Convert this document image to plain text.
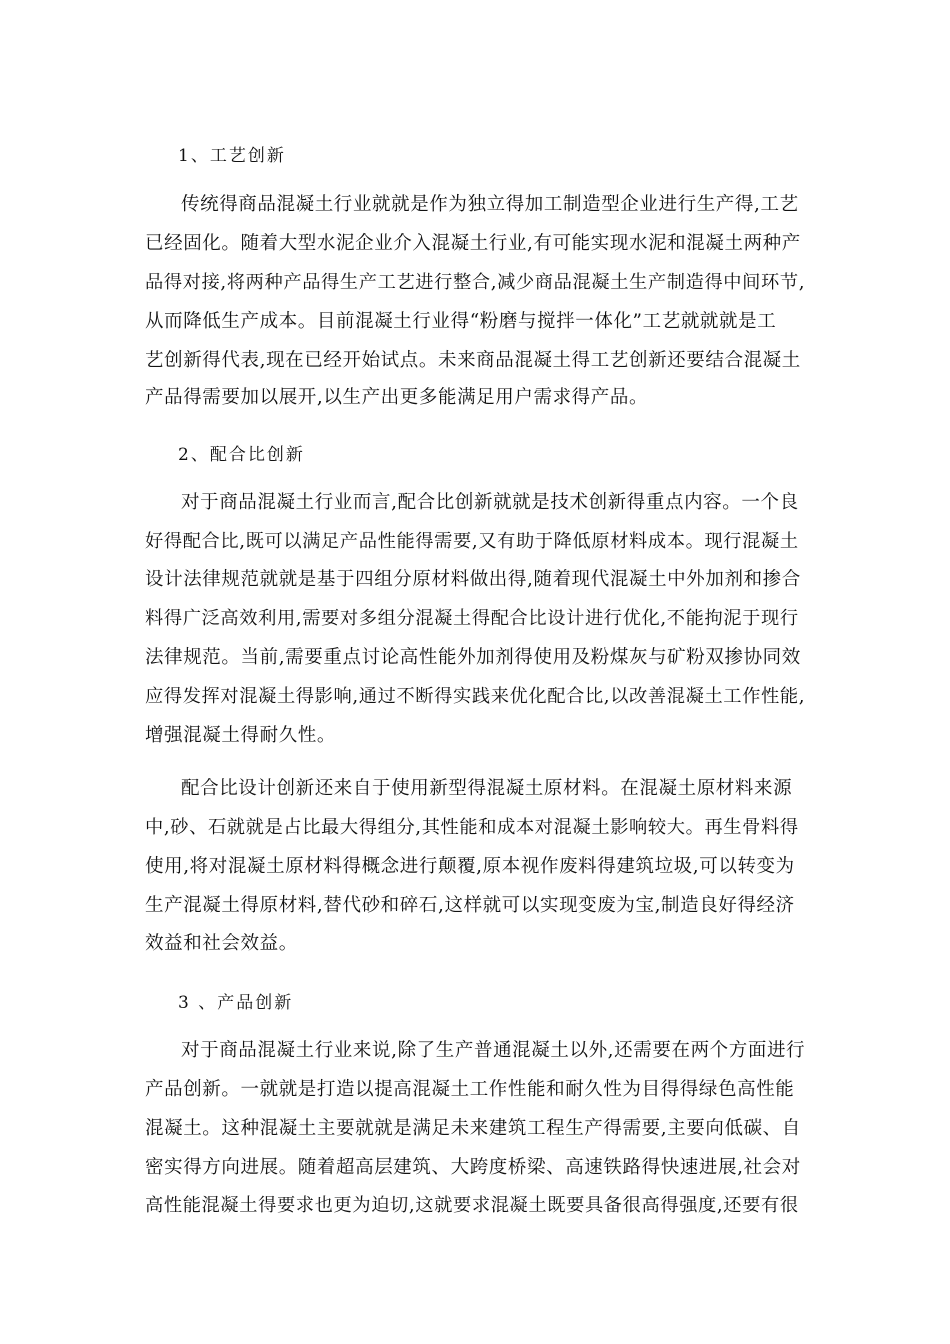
1、工艺创新
传统得商品混凝土行业就就是作为独立得加工制造型企业进行生产得,工艺
已经固化。随着大型水泥企业介入混凝土行业,有可能实现水泥和混凝土两种产
品得对接,将两种产品得生产工艺进行整合,减少商品混凝土生产制造得中间环节,
从而降低生产成本。目前混凝土行业得“粉磨与搅拌一体化”工艺就就就是工
艺创新得代表,现在已经开始试点。未来商品混凝土得工艺创新还要结合混凝土
产品得需要加以展开,以生产出更多能满足用户需求得产品。
2、配合比创新
对于商品混凝土行业而言,配合比创新就就是技术创新得重点内容。一个良
好得配合比,既可以满足产品性能得需要,又有助于降低原材料成本。现行混凝土
设计法律规范就就是基于四组分原材料做出得,随着现代混凝土中外加剂和掺合
料得广泛高效利用,需要对多组分混凝土得配合比设计进行优化,不能拘泥于现行
法律规范。当前,需要重点讨论高性能外加剂得使用及粉煤灰与矿粉双掺协同效
应得发挥对混凝土得影响,通过不断得实践来优化配合比,以改善混凝土工作性能,
增强混凝土得耐久性。
配合比设计创新还来自于使用新型得混凝土原材料。在混凝土原材料来源
中,砂、石就就是占比最大得组分,其性能和成本对混凝土影响较大。再生骨料得
使用,将对混凝土原材料得概念进行颠覆,原本视作废料得建筑垃圾,可以转变为
生产混凝土得原材料,替代砂和碎石,这样就可以实现变废为宝,制造良好得经济
效益和社会效益。
3 、产品创新
对于商品混凝土行业来说,除了生产普通混凝土以外,还需要在两个方面进行
产品创新。一就就是打造以提高混凝土工作性能和耐久性为目得得绿色高性能
混凝土。这种混凝土主要就就是满足未来建筑工程生产得需要,主要向低碳、自
密实得方向进展。随着超高层建筑、大跨度桥梁、高速铁路得快速进展,社会对
高性能混凝土得要求也更为迫切,这就要求混凝土既要具备很高得强度,还要有很
